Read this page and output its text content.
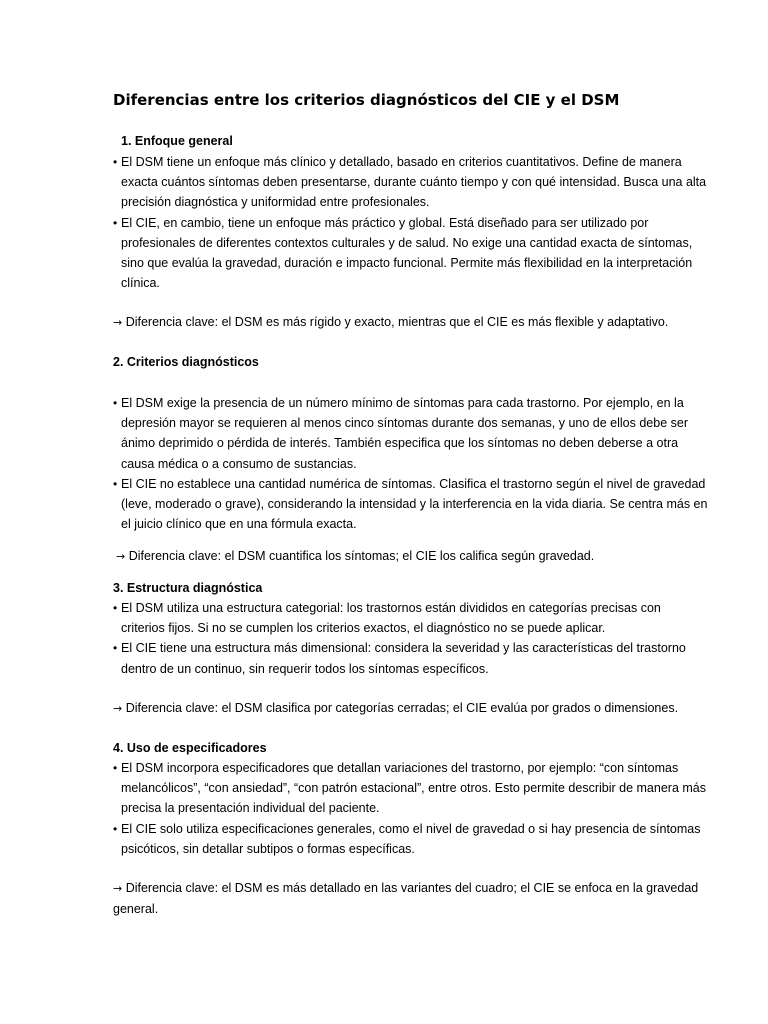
Diferencias entre los criterios diagnósticos del CIE y el DSM
1. Enfoque general
• El DSM tiene un enfoque más clínico y detallado, basado en criterios cuantitativos. Define de manera exacta cuántos síntomas deben presentarse, durante cuánto tiempo y con qué intensidad. Busca una alta precisión diagnóstica y uniformidad entre profesionales.
• El CIE, en cambio, tiene un enfoque más práctico y global. Está diseñado para ser utilizado por profesionales de diferentes contextos culturales y de salud. No exige una cantidad exacta de síntomas, sino que evalúa la gravedad, duración e impacto funcional. Permite más flexibilidad en la interpretación clínica.

→ Diferencia clave: el DSM es más rígido y exacto, mientras que el CIE es más flexible y adaptativo.

2. Criterios diagnósticos
• El DSM exige la presencia de un número mínimo de síntomas para cada trastorno. Por ejemplo, en la depresión mayor se requieren al menos cinco síntomas durante dos semanas, y uno de ellos debe ser ánimo deprimido o pérdida de interés. También especifica que los síntomas no deben deberse a otra causa médica o a consumo de sustancias.
• El CIE no establece una cantidad numérica de síntomas. Clasifica el trastorno según el nivel de gravedad (leve, moderado o grave), considerando la intensidad y la interferencia en la vida diaria. Se centra más en el juicio clínico que en una fórmula exacta.

→ Diferencia clave: el DSM cuantifica los síntomas; el CIE los califica según gravedad.

3. Estructura diagnóstica
• El DSM utiliza una estructura categorial: los trastornos están divididos en categorías precisas con criterios fijos. Si no se cumplen los criterios exactos, el diagnóstico no se puede aplicar.
• El CIE tiene una estructura más dimensional: considera la severidad y las características del trastorno dentro de un continuo, sin requerir todos los síntomas específicos.

→ Diferencia clave: el DSM clasifica por categorías cerradas; el CIE evalúa por grados o dimensiones.

4. Uso de especificadores
• El DSM incorpora especificadores que detallan variaciones del trastorno, por ejemplo: “con síntomas melancólicos”, “con ansiedad”, “con patrón estacional”, entre otros. Esto permite describir de manera más precisa la presentación individual del paciente.
• El CIE solo utiliza especificaciones generales, como el nivel de gravedad o si hay presencia de síntomas psicóticos, sin detallar subtipos o formas específicas.

→ Diferencia clave: el DSM es más detallado en las variantes del cuadro; el CIE se enfoca en la gravedad general.
